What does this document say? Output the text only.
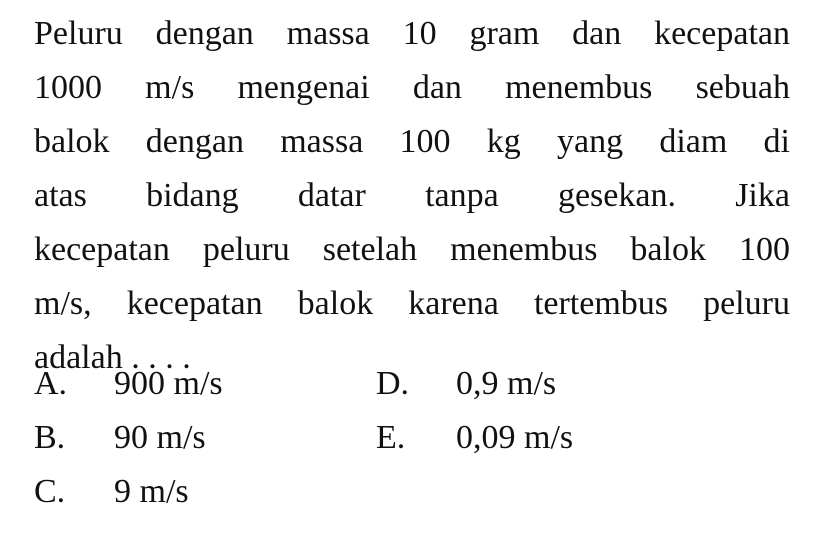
Peluru dengan massa 10 gram dan kecepatan
1000 m/s mengenai dan menembus sebuah
balok dengan massa 100 kg yang diam di
atas bidang datar tanpa gesekan. Jika
kecepatan peluru setelah menembus balok 100
m/s, kecepatan balok karena tertembus peluru
adalah . . . .
A. 900 m/s
B. 90 m/s
C. 9 m/s
D. 0,9 m/s
E. 0,09 m/s
